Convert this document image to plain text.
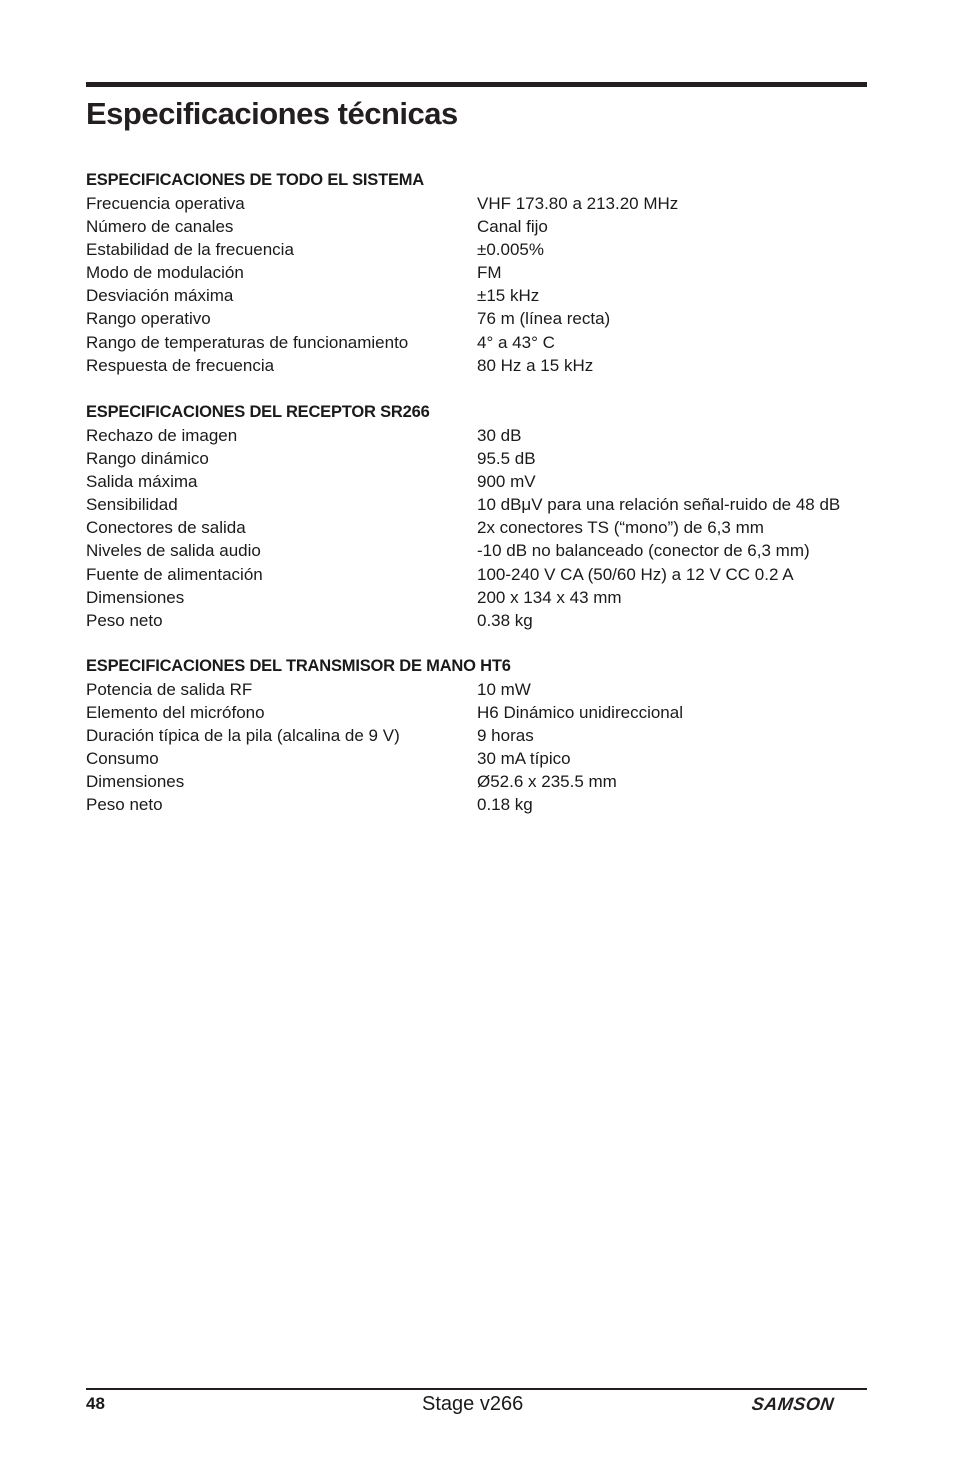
Especificaciones técnicas
ESPECIFICACIONES DE TODO EL SISTEMA
Frecuencia operativa	VHF 173.80 a 213.20 MHz
Número de canales	Canal fijo
Estabilidad de la frecuencia	±0.005%
Modo de modulación	FM
Desviación máxima	±15 kHz
Rango operativo	76 m (línea recta)
Rango de temperaturas de funcionamiento	4° a 43° C
Respuesta de frecuencia	80 Hz a 15 kHz
ESPECIFICACIONES DEL RECEPTOR SR266
Rechazo de imagen	30 dB
Rango dinámico	95.5 dB
Salida máxima	900 mV
Sensibilidad	10 dBμV para una relación señal-ruido de 48 dB
Conectores de salida	2x conectores TS (“mono”) de 6,3 mm
Niveles de salida audio	-10 dB no balanceado (conector de 6,3 mm)
Fuente de alimentación	100-240 V CA (50/60 Hz) a 12 V CC 0.2 A
Dimensiones	200 x 134 x 43 mm
Peso neto	0.38 kg
ESPECIFICACIONES DEL TRANSMISOR DE MANO HT6
Potencia de salida RF	10 mW
Elemento del micrófono	H6 Dinámico unidireccional
Duración típica de la pila (alcalina de 9 V)	9 horas
Consumo	30 mA típico
Dimensiones	Ø52.6 x 235.5 mm
Peso neto	0.18 kg
48	Stage v266	SAMSON
